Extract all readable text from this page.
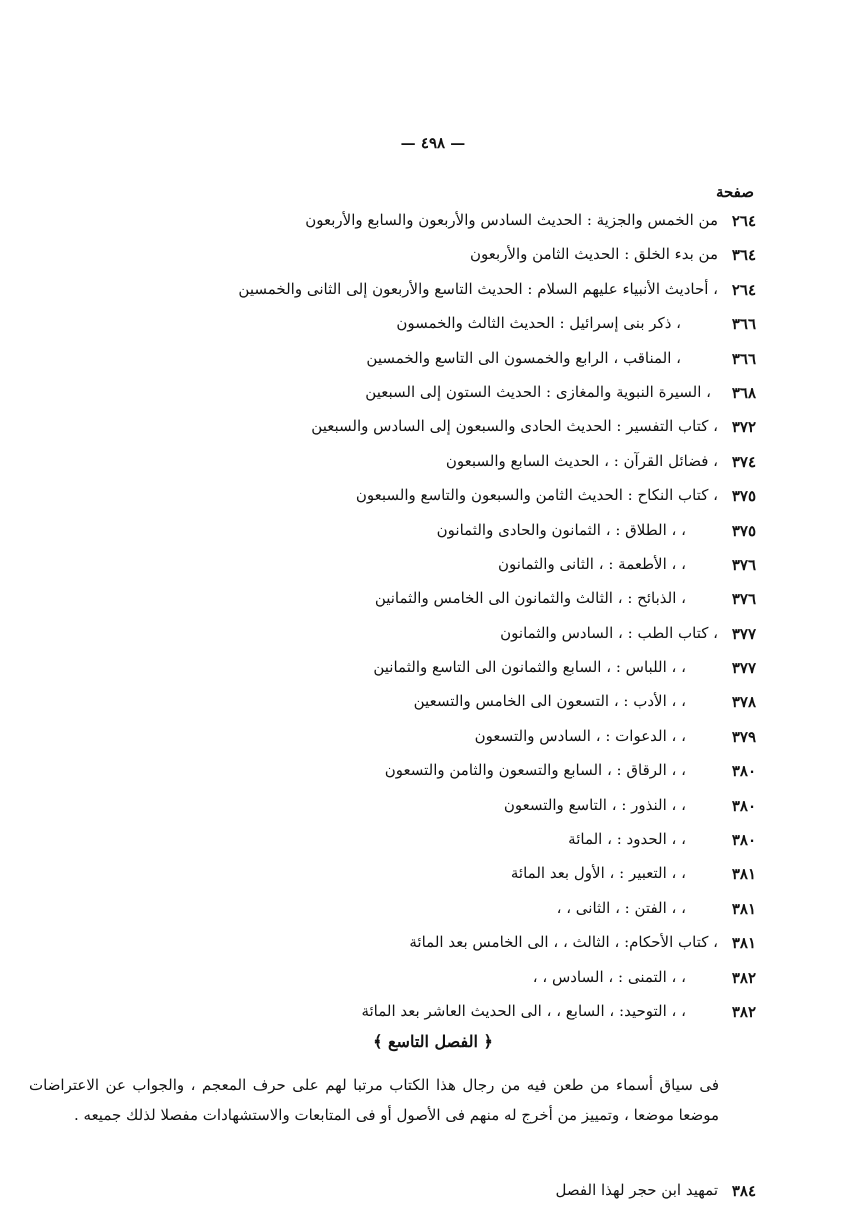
— ٤٩٨ —
صفحة
٢٦٤
من الخمس والجزية : الحديث السادس والأربعون والسابع والأربعون
٣٦٤
من بدء الخلق : الحديث الثامن والأربعون
٢٦٤
، أحاديث الأنبياء عليهم السلام : الحديث التاسع والأربعون إلى الثانى والخمسين
٣٦٦
، ذكر بنى إسرائيل : الحديث الثالث والخمسون
٣٦٦
، المناقب ، الرابع والخمسون الى التاسع والخمسين
٣٦٨
، السيرة النبوية والمغازى : الحديث الستون إلى السبعين
٣٧٢
، كتاب التفسير : الحديث الحادى والسبعون إلى السادس والسبعين
٣٧٤
، فضائل القرآن : ، الحديث السابع والسبعون
٣٧٥
، كتاب النكاح : الحديث الثامن والسبعون والتاسع والسبعون
٣٧٥
، ، الطلاق : ، الثمانون والحادى والثمانون
٣٧٦
، ، الأطعمة : ، الثانى والثمانون
٣٧٦
، الذبائح : ، الثالث والثمانون الى الخامس والثمانين
٣٧٧
، كتاب الطب : ، السادس والثمانون
٣٧٧
، ، اللباس : ، السابع والثمانون الى التاسع والثمانين
٣٧٨
، ، الأدب : ، التسعون الى الخامس والتسعين
٣٧٩
، ، الدعوات : ، السادس والتسعون
٣٨٠
، ، الرقاق : ، السابع والتسعون والثامن والتسعون
٣٨٠
، ، النذور : ، التاسع والتسعون
٣٨٠
، ، الحدود : ، المائة
٣٨١
، ، التعبير : ، الأول بعد المائة
٣٨١
، ، الفتن : ، الثانى ، ،
٣٨١
، كتاب الأحكام: ، الثالث ، ، الى الخامس بعد المائة
٣٨٢
، ، التمنى : ، السادس ، ،
٣٨٢
، ، التوحيد: ، السابع ، ، الى الحديث العاشر بعد المائة
﴿ الفصل التاسع ﴾
فى سياق أسماء من طعن فيه من رجال هذا الكتاب مرتبا لهم على حرف المعجم ، والجواب عن الاعتراضات موضعا موضعا ، وتمييز من أخرج له منهم فى الأصول أو فى المتابعات والاستشهادات مفصلا لذلك جميعه .
٣٨٤
تمهيد ابن حجر لهذا الفصل
